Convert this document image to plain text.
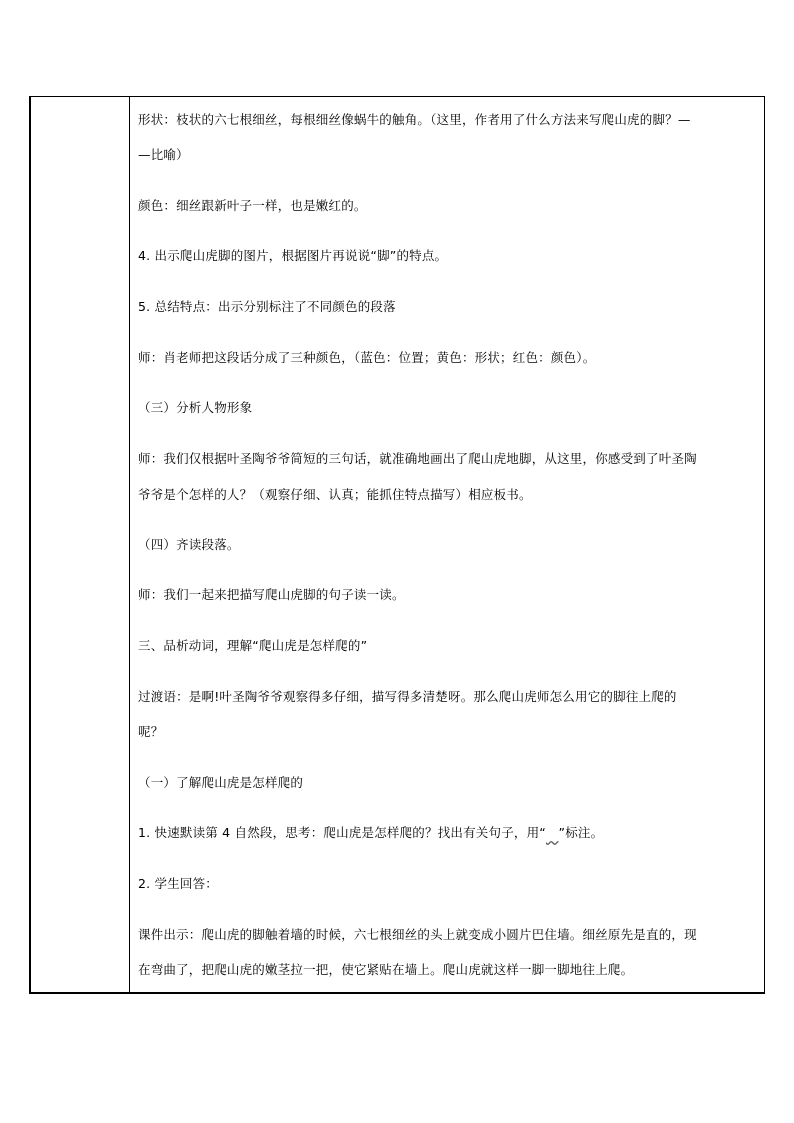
形状：枝状的六七根细丝，每根细丝像蜗牛的触角。（这里，作者用了什么方法来写爬山虎的脚？—
—比喻）
颜色：细丝跟新叶子一样，也是嫩红的。
4. 出示爬山虎脚的图片，根据图片再说说“脚”的特点。
5. 总结特点：出示分别标注了不同颜色的段落
师：肖老师把这段话分成了三种颜色，（蓝色：位置；黄色：形状；红色：颜色）。
（三）分析人物形象
师：我们仅根据叶圣陶爷爷简短的三句话，就准确地画出了爬山虎地脚，从这里，你感受到了叶圣陶
爷爷是个怎样的人？（观察仔细、认真；能抓住特点描写）相应板书。
（四）齐读段落。
师：我们一起来把描写爬山虎脚的句子读一读。
三、品析动词，理解“爬山虎是怎样爬的”
过渡语：是啊!叶圣陶爷爷观察得多仔细，描写得多清楚呀。那么爬山虎师怎么用它的脚往上爬的
呢？
（一）了解爬山虎是怎样爬的
1. 快速默读第 4 自然段，思考：爬山虎是怎样爬的？找出有关句子，用“ ”标注。
2. 学生回答：
课件出示：爬山虎的脚触着墙的时候，六七根细丝的头上就变成小圆片巴住墙。细丝原先是直的，现
在弯曲了，把爬山虎的嫩茎拉一把，使它紧贴在墙上。爬山虎就这样一脚一脚地往上爬。
